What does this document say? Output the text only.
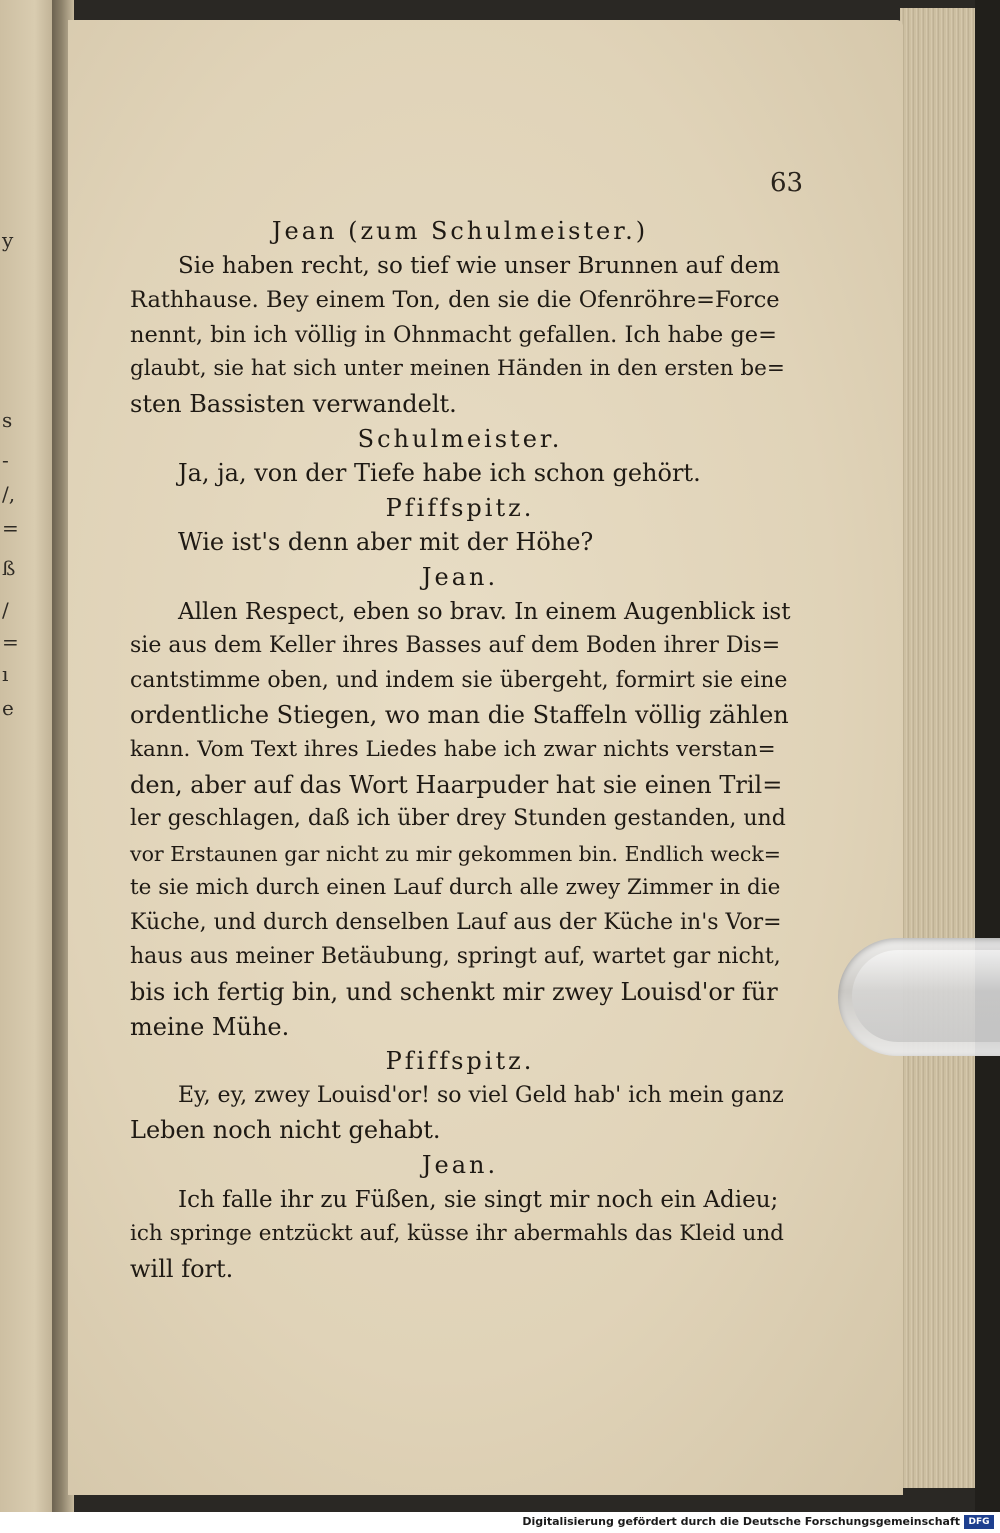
y
s
-
/,
=
ß
/
=
ı
e
63
Jean (zum Schulmeister.)
Sie haben recht, so tief wie unser Brunnen auf dem
Rathhause. Bey einem Ton, den sie die Ofenröhre=Force
nennt, bin ich völlig in Ohnmacht gefallen. Ich habe ge=
glaubt, sie hat sich unter meinen Händen in den ersten be=
sten Bassisten verwandelt.
Schulmeister.
Ja, ja, von der Tiefe habe ich schon gehört.
Pfiffspitz.
Wie ist's denn aber mit der Höhe?
Jean.
Allen Respect, eben so brav. In einem Augenblick ist
sie aus dem Keller ihres Basses auf dem Boden ihrer Dis=
cantstimme oben, und indem sie übergeht, formirt sie eine
ordentliche Stiegen, wo man die Staffeln völlig zählen
kann. Vom Text ihres Liedes habe ich zwar nichts verstan=
den, aber auf das Wort Haarpuder hat sie einen Tril=
ler geschlagen, daß ich über drey Stunden gestanden, und
vor Erstaunen gar nicht zu mir gekommen bin. Endlich weck=
te sie mich durch einen Lauf durch alle zwey Zimmer in die
Küche, und durch denselben Lauf aus der Küche in's Vor=
haus aus meiner Betäubung, springt auf, wartet gar nicht,
bis ich fertig bin, und schenkt mir zwey Louisd'or für
meine Mühe.
Pfiffspitz.
Ey, ey, zwey Louisd'or! so viel Geld hab' ich mein ganz
Leben noch nicht gehabt.
Jean.
Ich falle ihr zu Füßen, sie singt mir noch ein Adieu;
ich springe entzückt auf, küsse ihr abermahls das Kleid und
will fort.
Digitalisierung gefördert durch die Deutsche Forschungsgemeinschaft DFG
